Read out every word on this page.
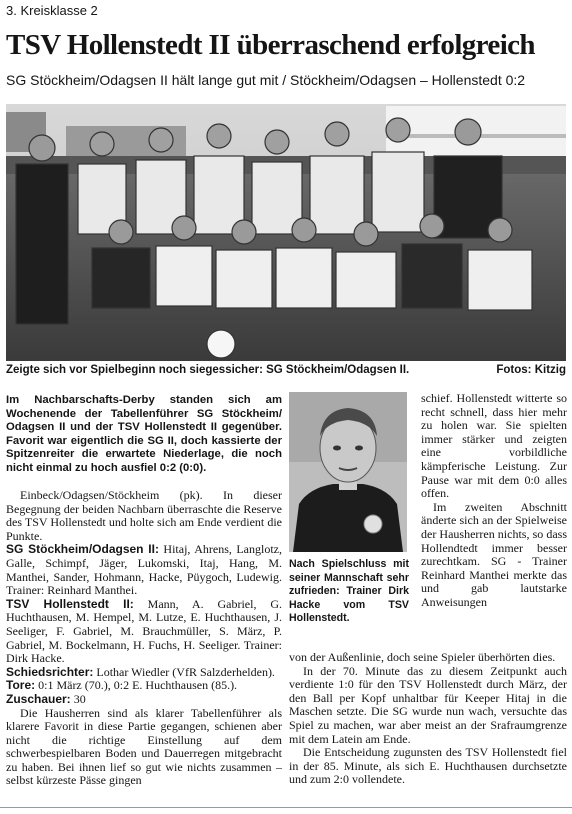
3. Kreisklasse 2
TSV Hollenstedt II überraschend erfolgreich
SG Stöckheim/Odagsen II hält lange gut mit / Stöckheim/Odagsen – Hollenstedt 0:2
Zeigte sich vor Spielbeginn noch siegessicher: SG Stöckheim/Odagsen II.	Fotos: Kitzig
Im Nachbarschafts-Derby standen sich am Wochenende der Tabellenführer SG Stöckheim/ Odagsen II und der TSV Hollenstedt II gegenüber. Favorit war eigentlich die SG II, doch kassierte der Spitzenreiter die erwartete Niederlage, die noch nicht einmal zu hoch ausfiel 0:2 (0:0).

Einbeck/Odagsen/Stöckheim (pk). In dieser Begegnung der beiden Nachbarn überraschte die Reserve des TSV Hollenstedt und holte sich am Ende verdient die Punkte.

SG Stöckheim/Odagsen II: Hitaj, Ahrens, Langlotz, Galle, Schimpf, Jäger, Lukomski, Itaj, Hang, M. Manthei, Sander, Hohmann, Hacke, Püygoch, Ludewig. Trainer: Reinhard Manthei.

TSV Hollenstedt II: Mann, A. Gabriel, G. Huchthausen, M. Hempel, M. Lutze, E. Huchthausen, J. Seeliger, F. Gabriel, M. Brauchmüller, S. März, P. Gabriel, M. Bockelmann, H. Fuchs, H. Seeliger. Trainer: Dirk Hacke.

Schiedsrichter: Lothar Wiedler (VfR Salzderhelden).

Tore: 0:1 März (70.), 0:2 E. Huchthausen (85.).

Zuschauer: 30

Die Hausherren sind als klarer Tabellenführer als klarere Favorit in diese Partie gegangen, schienen aber nicht die richtige Einstellung auf dem schwerbespielbaren Boden und Dauerregen mitgebracht zu haben. Bei ihnen lief so gut wie nichts zusammen – selbst kürzeste Pässe gingen

Nach Spielschluss mit seiner Mannschaft sehr zufrieden: Trainer Dirk Hacke vom TSV Hollenstedt.

schief. Hollenstedt witterte so recht schnell, dass hier mehr zu holen war. Sie spielten immer stärker und zeigten eine vorbildliche kämpferische Leistung. Zur Pause war mit dem 0:0 alles offen.

Im zweiten Abschnitt änderte sich an der Spielweise der Hausherren nichts, so dass Hollendtedt immer besser zurechtkam. SG - Trainer Reinhard Manthei merkte das und gab lautstarke Anweisungen

von der Außenlinie, doch seine Spieler überhörten dies.

In der 70. Minute das zu diesem Zeitpunkt auch verdiente 1:0 für den TSV Hollenstedt durch März, der den Ball per Kopf unhaltbar für Keeper Hitaj in die Maschen setzte. Die SG wurde nun wach, versuchte das Spiel zu machen, war aber meist an der Srafraumgrenze mit dem Latein am Ende.

Die Entscheidung zugunsten des TSV Hollenstedt fiel in der 85. Minute, als sich E. Huchthausen durchsetzte und zum 2:0 vollendete.
